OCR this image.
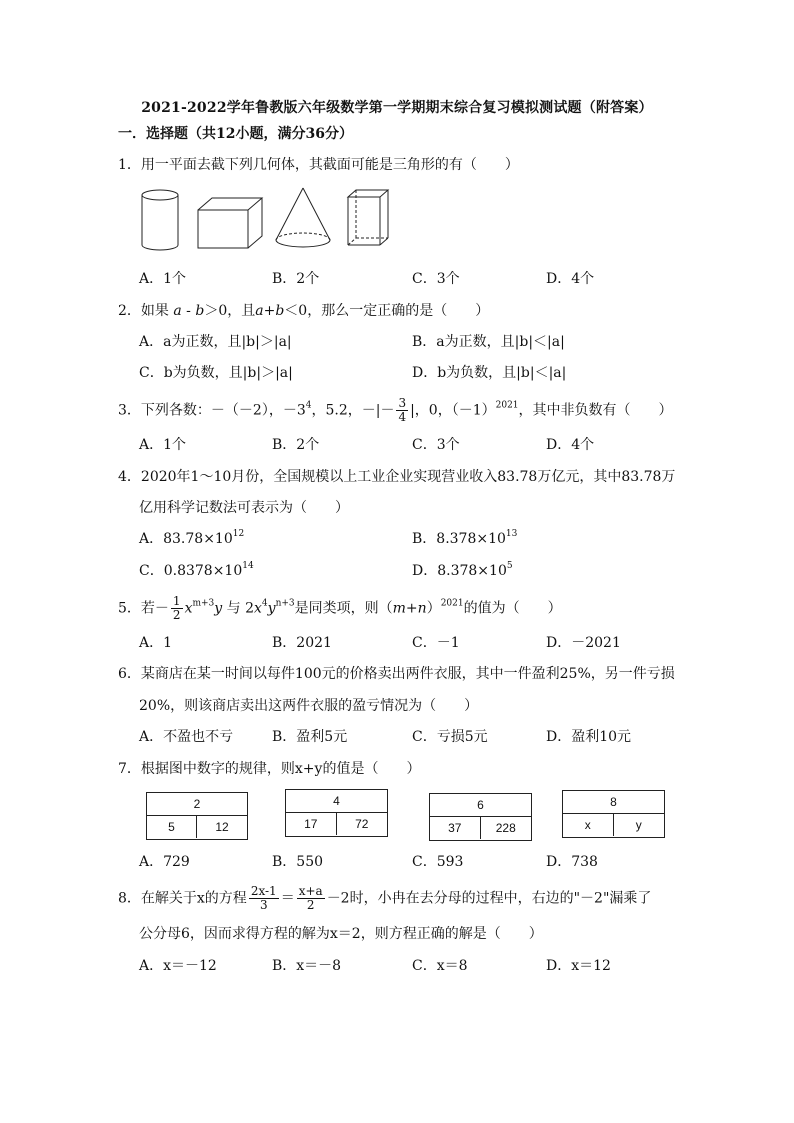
2021-2022学年鲁教版六年级数学第一学期期末综合复习模拟测试题（附答案）
一．选择题（共12小题，满分36分）
1．用一平面去截下列几何体，其截面可能是三角形的有（　　）
A．1个	B．2个	C．3个	D．4个
2．如果 a - b＞0，且a+b＜0，那么一定正确的是（　　）
A．a为正数，且|b|＞|a|	B．a为正数，且|b|＜|a|
C．b为负数，且|b|＞|a|	D．b为负数，且|b|＜|a|
3．下列各数：－（－2），$-3^4$，5.2，－|－ $\frac{3}{4}$ |，0，$(-1)^{2021}$，其中非负数有（　　）
A．1个	B．2个	C．3个	D．4个
4．2020年1～10月份，全国规模以上工业企业实现营业收入83.78万亿元，其中83.78万
亿用科学记数法可表示为（　　）
A．$83.78\times 10^{12}$	B．$8.378\times 10^{13}$
C．$0.8378\times 10^{14}$	D．$8.378\times 10^5$
5．若－ $\frac{1}{2} x^{m+3}y$ 与 $2x^4y^{n+3}$是同类项，则$(m+n)^{2021}$的值为（　　）
A．1	B．2021	C．－1	D．－2021
6．某商店在某一时间以每件100元的价格卖出两件衣服，其中一件盈利25%，另一件亏损
20%，则该商店卖出这两件衣服的盈亏情况为（　　）
A．不盈也不亏	B．盈利5元	C．亏损5元	D．盈利10元
7．根据图中数字的规律，则x+y的值是（　　）
2
5	12
4
17	72
6
37	228
8
x	y
A．729	B．550	C．593	D．738
8．在解关于x的方程 $\frac{2x-1}{3} = \frac{x+a}{2} -2$时，小冉在去分母的过程中，右边的"－2"漏乘了
公分母6，因而求得方程的解为x＝2，则方程正确的解是（　　）
A．x＝－12	B．x＝－8	C．x＝8	D．x＝12
